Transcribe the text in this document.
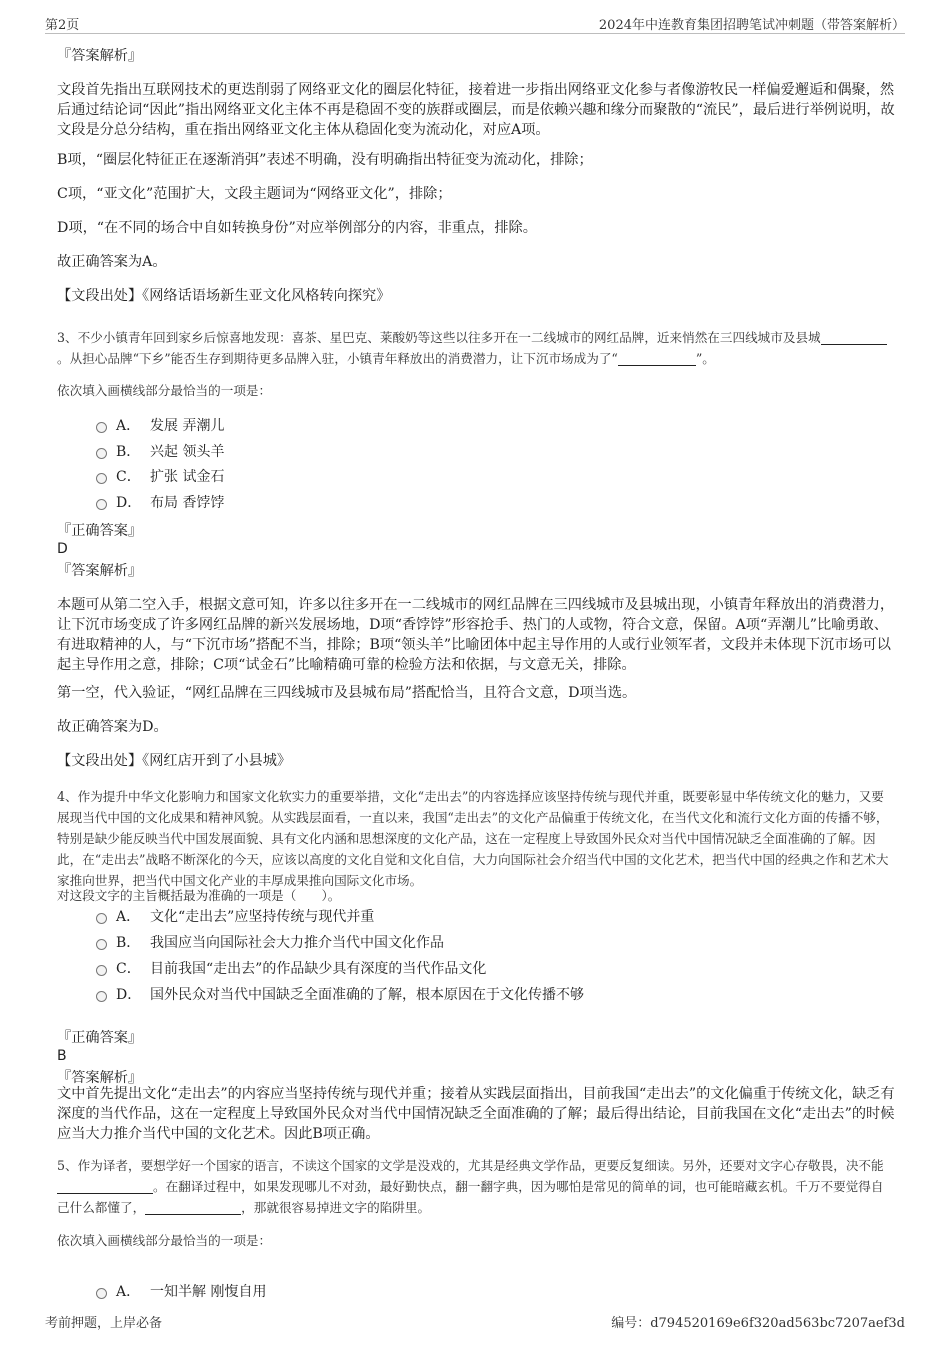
第2页	2024年中连教育集团招聘笔试冲刺题（带答案解析）
『答案解析』
文段首先指出互联网技术的更迭削弱了网络亚文化的圈层化特征，接着进一步指出网络亚文化参与者像游牧民一样偏爱邂逅和偶聚，然后通过结论词“因此”指出网络亚文化主体不再是稳固不变的族群或圈层，而是依赖兴趣和缘分而聚散的“流民”，最后进行举例说明，故文段是分总分结构，重在指出网络亚文化主体从稳固化变为流动化，对应A项。
B项，“圈层化特征正在逐渐消弭”表述不明确，没有明确指出特征变为流动化，排除；
C项，“亚文化”范围扩大，文段主题词为“网络亚文化”，排除；
D项，“在不同的场合中自如转换身份”对应举例部分的内容，非重点，排除。
故正确答案为A。
【文段出处】《网络话语场新生亚文化风格转向探究》
3、不少小镇青年回到家乡后惊喜地发现：喜茶、星巴克、莱酸奶等这些以往多开在一二线城市的网红品牌，近来悄然在三四线城市及县城。从担心品牌“下乡”能否生存到期待更多品牌入驻，小镇青年释放出的消费潜力，让下沉市场成为了“	”。
依次填入画横线部分最恰当的一项是：
A． 发展 弄潮儿
B． 兴起 领头羊
C． 扩张 试金石
D． 布局 香饽饽
『正确答案』
D
『答案解析』
本题可从第二空入手，根据文意可知，许多以往多开在一二线城市的网红品牌在三四线城市及县城出现，小镇青年释放出的消费潜力，让下沉市场变成了许多网红品牌的新兴发展场地，D项“香饽饽”形容抢手、热门的人或物，符合文意，保留。A项“弄潮儿”比喻勇敢、有进取精神的人，与“下沉市场”搭配不当，排除；B项“领头羊”比喻团体中起主导作用的人或行业领军者，文段并未体现下沉市场可以起主导作用之意，排除；C项“试金石”比喻精确可靠的检验方法和依据，与文意无关，排除。
第一空，代入验证，“网红品牌在三四线城市及县城布局”搭配恰当，且符合文意，D项当选。
故正确答案为D。
【文段出处】《网红店开到了小县城》
4、作为提升中华文化影响力和国家文化软实力的重要举措，文化“走出去”的内容选择应该坚持传统与现代并重，既要彰显中华传统文化的魅力，又要展现当代中国的文化成果和精神风貌。从实践层面看，一直以来，我国“走出去”的文化产品偏重于传统文化，在当代文化和流行文化方面的传播不够，特别是缺少能反映当代中国发展面貌、具有文化内涵和思想深度的文化产品，这在一定程度上导致国外民众对当代中国情况缺乏全面准确的了解。因此，在“走出去”战略不断深化的今天，应该以高度的文化自觉和文化自信，大力向国际社会介绍当代中国的文化艺术，把当代中国的经典之作和艺术大家推向世界，把当代中国文化产业的丰厚成果推向国际文化市场。
对这段文字的主旨概括最为准确的一项是（　　）。
A． 文化“走出去”应坚持传统与现代并重
B． 我国应当向国际社会大力推介当代中国文化作品
C． 目前我国“走出去”的作品缺少具有深度的当代作品文化
D． 国外民众对当代中国缺乏全面准确的了解，根本原因在于文化传播不够
『正确答案』
B
『答案解析』
文中首先提出文化“走出去”的内容应当坚持传统与现代并重；接着从实践层面指出，目前我国“走出去”的文化偏重于传统文化，缺乏有深度的当代作品，这在一定程度上导致国外民众对当代中国情况缺乏全面准确的了解；最后得出结论，目前我国在文化“走出去”的时候应当大力推介当代中国的文化艺术。因此B项正确。
5、作为译者，要想学好一个国家的语言，不读这个国家的文学是没戏的，尤其是经典文学作品，更要反复细读。另外，还要对文字心存敬畏，决不能。在翻译过程中，如果发现哪儿不对劲，最好勤快点，翻一翻字典，因为哪怕是常见的简单的词，也可能暗藏玄机。千万不要觉得自己什么都懂了，	，那就很容易掉进文字的陷阱里。
依次填入画横线部分最恰当的一项是：
A． 一知半解 刚愎自用
考前押题，上岸必备	编号：d794520169e6f320ad563bc7207aef3d
